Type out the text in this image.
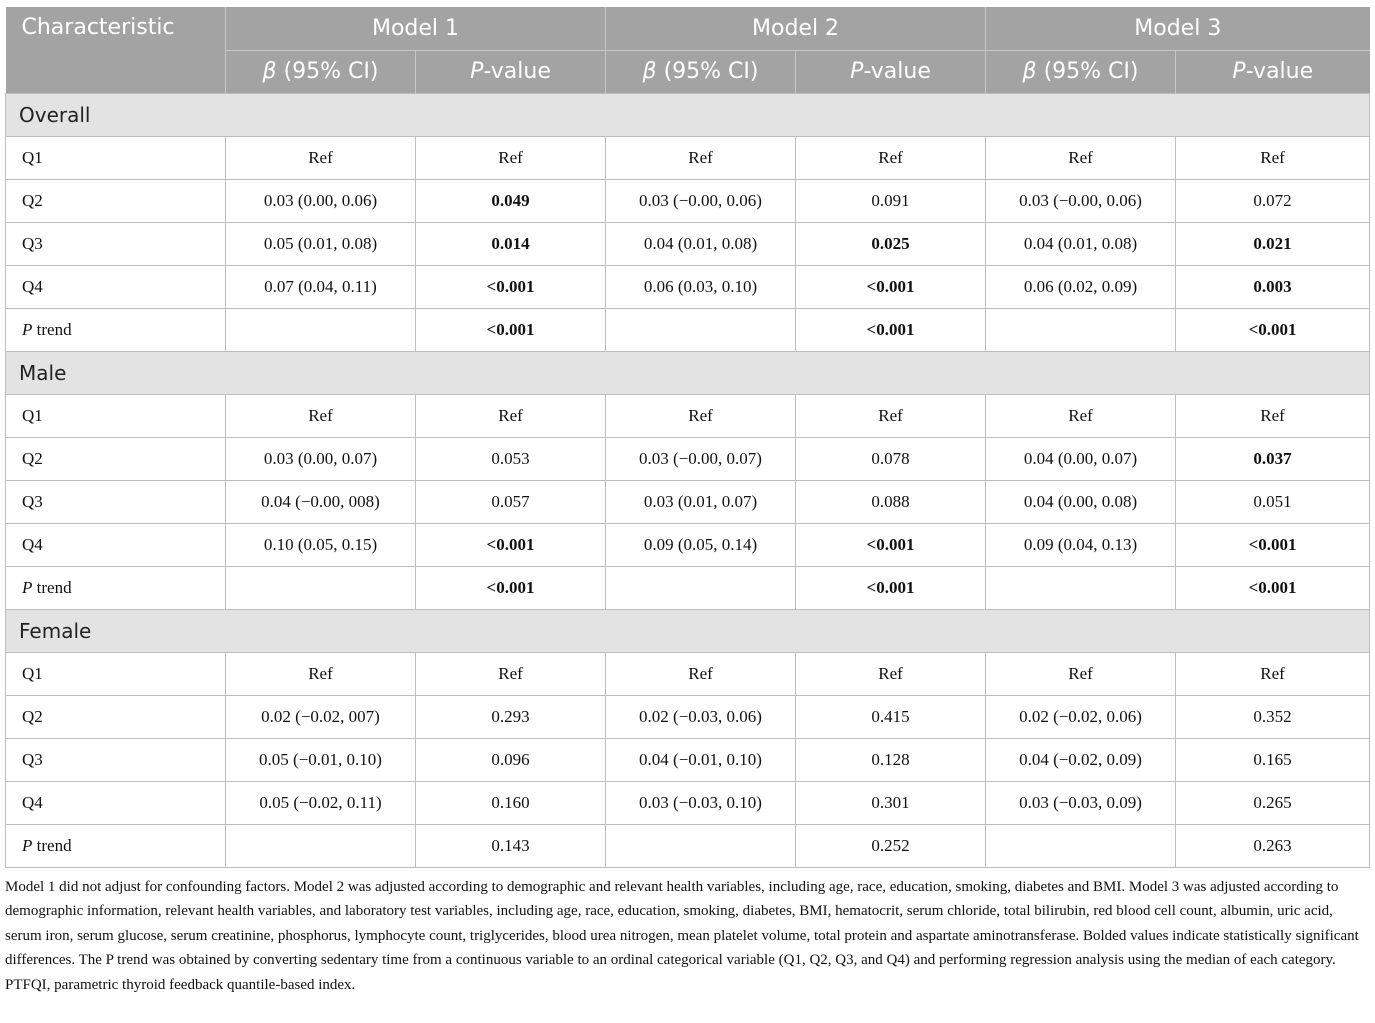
Characteristic	Model 1		Model 2		Model 3	
	β (95% CI)	P-value	β (95% CI)	P-value	β (95% CI)	P-value
Overall						
Q1	Ref	Ref	Ref	Ref	Ref	Ref
Q2	0.03 (0.00, 0.06)	0.049	0.03 (−0.00, 0.06)	0.091	0.03 (−0.00, 0.06)	0.072
Q3	0.05 (0.01, 0.08)	0.014	0.04 (0.01, 0.08)	0.025	0.04 (0.01, 0.08)	0.021
Q4	0.07 (0.04, 0.11)	<0.001	0.06 (0.03, 0.10)	<0.001	0.06 (0.02, 0.09)	0.003
P trend		<0.001		<0.001		<0.001
Male						
Q1	Ref	Ref	Ref	Ref	Ref	Ref
Q2	0.03 (0.00, 0.07)	0.053	0.03 (−0.00, 0.07)	0.078	0.04 (0.00, 0.07)	0.037
Q3	0.04 (−0.00, 008)	0.057	0.03 (0.01, 0.07)	0.088	0.04 (0.00, 0.08)	0.051
Q4	0.10 (0.05, 0.15)	<0.001	0.09 (0.05, 0.14)	<0.001	0.09 (0.04, 0.13)	<0.001
P trend		<0.001		<0.001		<0.001
Female						
Q1	Ref	Ref	Ref	Ref	Ref	Ref
Q2	0.02 (−0.02, 007)	0.293	0.02 (−0.03, 0.06)	0.415	0.02 (−0.02, 0.06)	0.352
Q3	0.05 (−0.01, 0.10)	0.096	0.04 (−0.01, 0.10)	0.128	0.04 (−0.02, 0.09)	0.165
Q4	0.05 (−0.02, 0.11)	0.160	0.03 (−0.03, 0.10)	0.301	0.03 (−0.03, 0.09)	0.265
P trend		0.143		0.252		0.263

Model 1 did not adjust for confounding factors. Model 2 was adjusted according to demographic and relevant health variables, including age, race, education, smoking, diabetes and BMI. Model 3 was adjusted according to demographic information, relevant health variables, and laboratory test variables, including age, race, education, smoking, diabetes, BMI, hematocrit, serum chloride, total bilirubin, red blood cell count, albumin, uric acid, serum iron, serum glucose, serum creatinine, phosphorus, lymphocyte count, triglycerides, blood urea nitrogen, mean platelet volume, total protein and aspartate aminotransferase. Bolded values indicate statistically significant differences. The P trend was obtained by converting sedentary time from a continuous variable to an ordinal categorical variable (Q1, Q2, Q3, and Q4) and performing regression analysis using the median of each category.

PTFQI, parametric thyroid feedback quantile-based index.
